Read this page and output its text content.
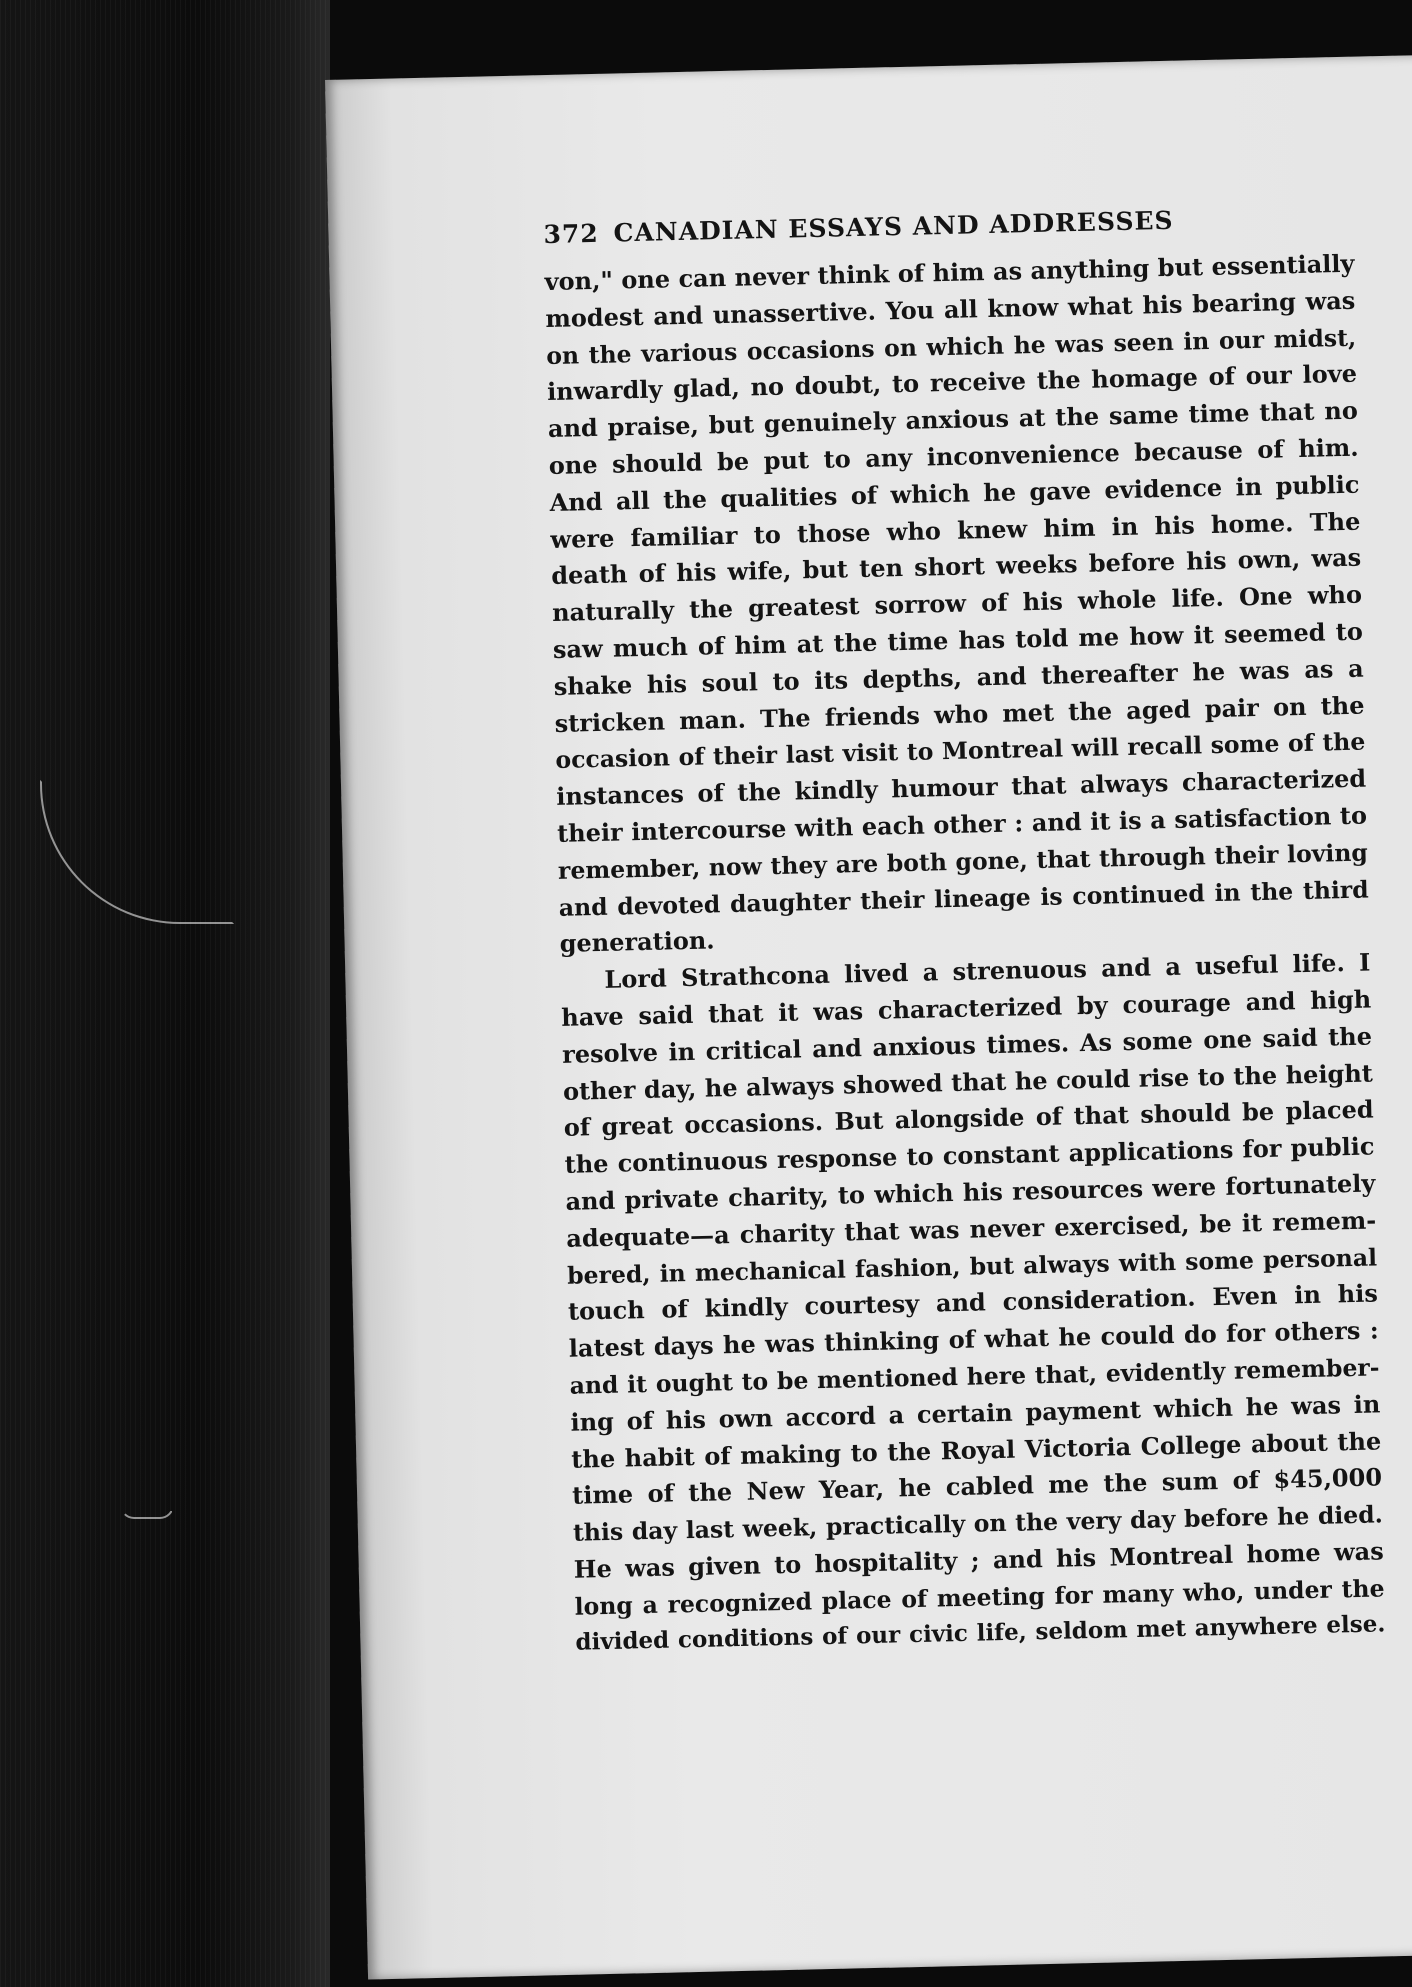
372 CANADIAN ESSAYS AND ADDRESSES
von," one can never think of him as anything but essentially
modest and unassertive. You all know what his bearing was
on the various occasions on which he was seen in our midst,
inwardly glad, no doubt, to receive the homage of our love
and praise, but genuinely anxious at the same time that no
one should be put to any inconvenience because of him.
And all the qualities of which he gave evidence in public
were familiar to those who knew him in his home. The
death of his wife, but ten short weeks before his own, was
naturally the greatest sorrow of his whole life. One who
saw much of him at the time has told me how it seemed to
shake his soul to its depths, and thereafter he was as a
stricken man. The friends who met the aged pair on the
occasion of their last visit to Montreal will recall some of the
instances of the kindly humour that always characterized
their intercourse with each other : and it is a satisfaction to
remember, now they are both gone, that through their loving
and devoted daughter their lineage is continued in the third
generation.
Lord Strathcona lived a strenuous and a useful life. I
have said that it was characterized by courage and high
resolve in critical and anxious times. As some one said the
other day, he always showed that he could rise to the height
of great occasions. But alongside of that should be placed
the continuous response to constant applications for public
and private charity, to which his resources were fortunately
adequate—a charity that was never exercised, be it remem-
bered, in mechanical fashion, but always with some personal
touch of kindly courtesy and consideration. Even in his
latest days he was thinking of what he could do for others :
and it ought to be mentioned here that, evidently remember-
ing of his own accord a certain payment which he was in
the habit of making to the Royal Victoria College about the
time of the New Year, he cabled me the sum of $45,000
this day last week, practically on the very day before he died.
He was given to hospitality ; and his Montreal home was
long a recognized place of meeting for many who, under the
divided conditions of our civic life, seldom met anywhere else.
